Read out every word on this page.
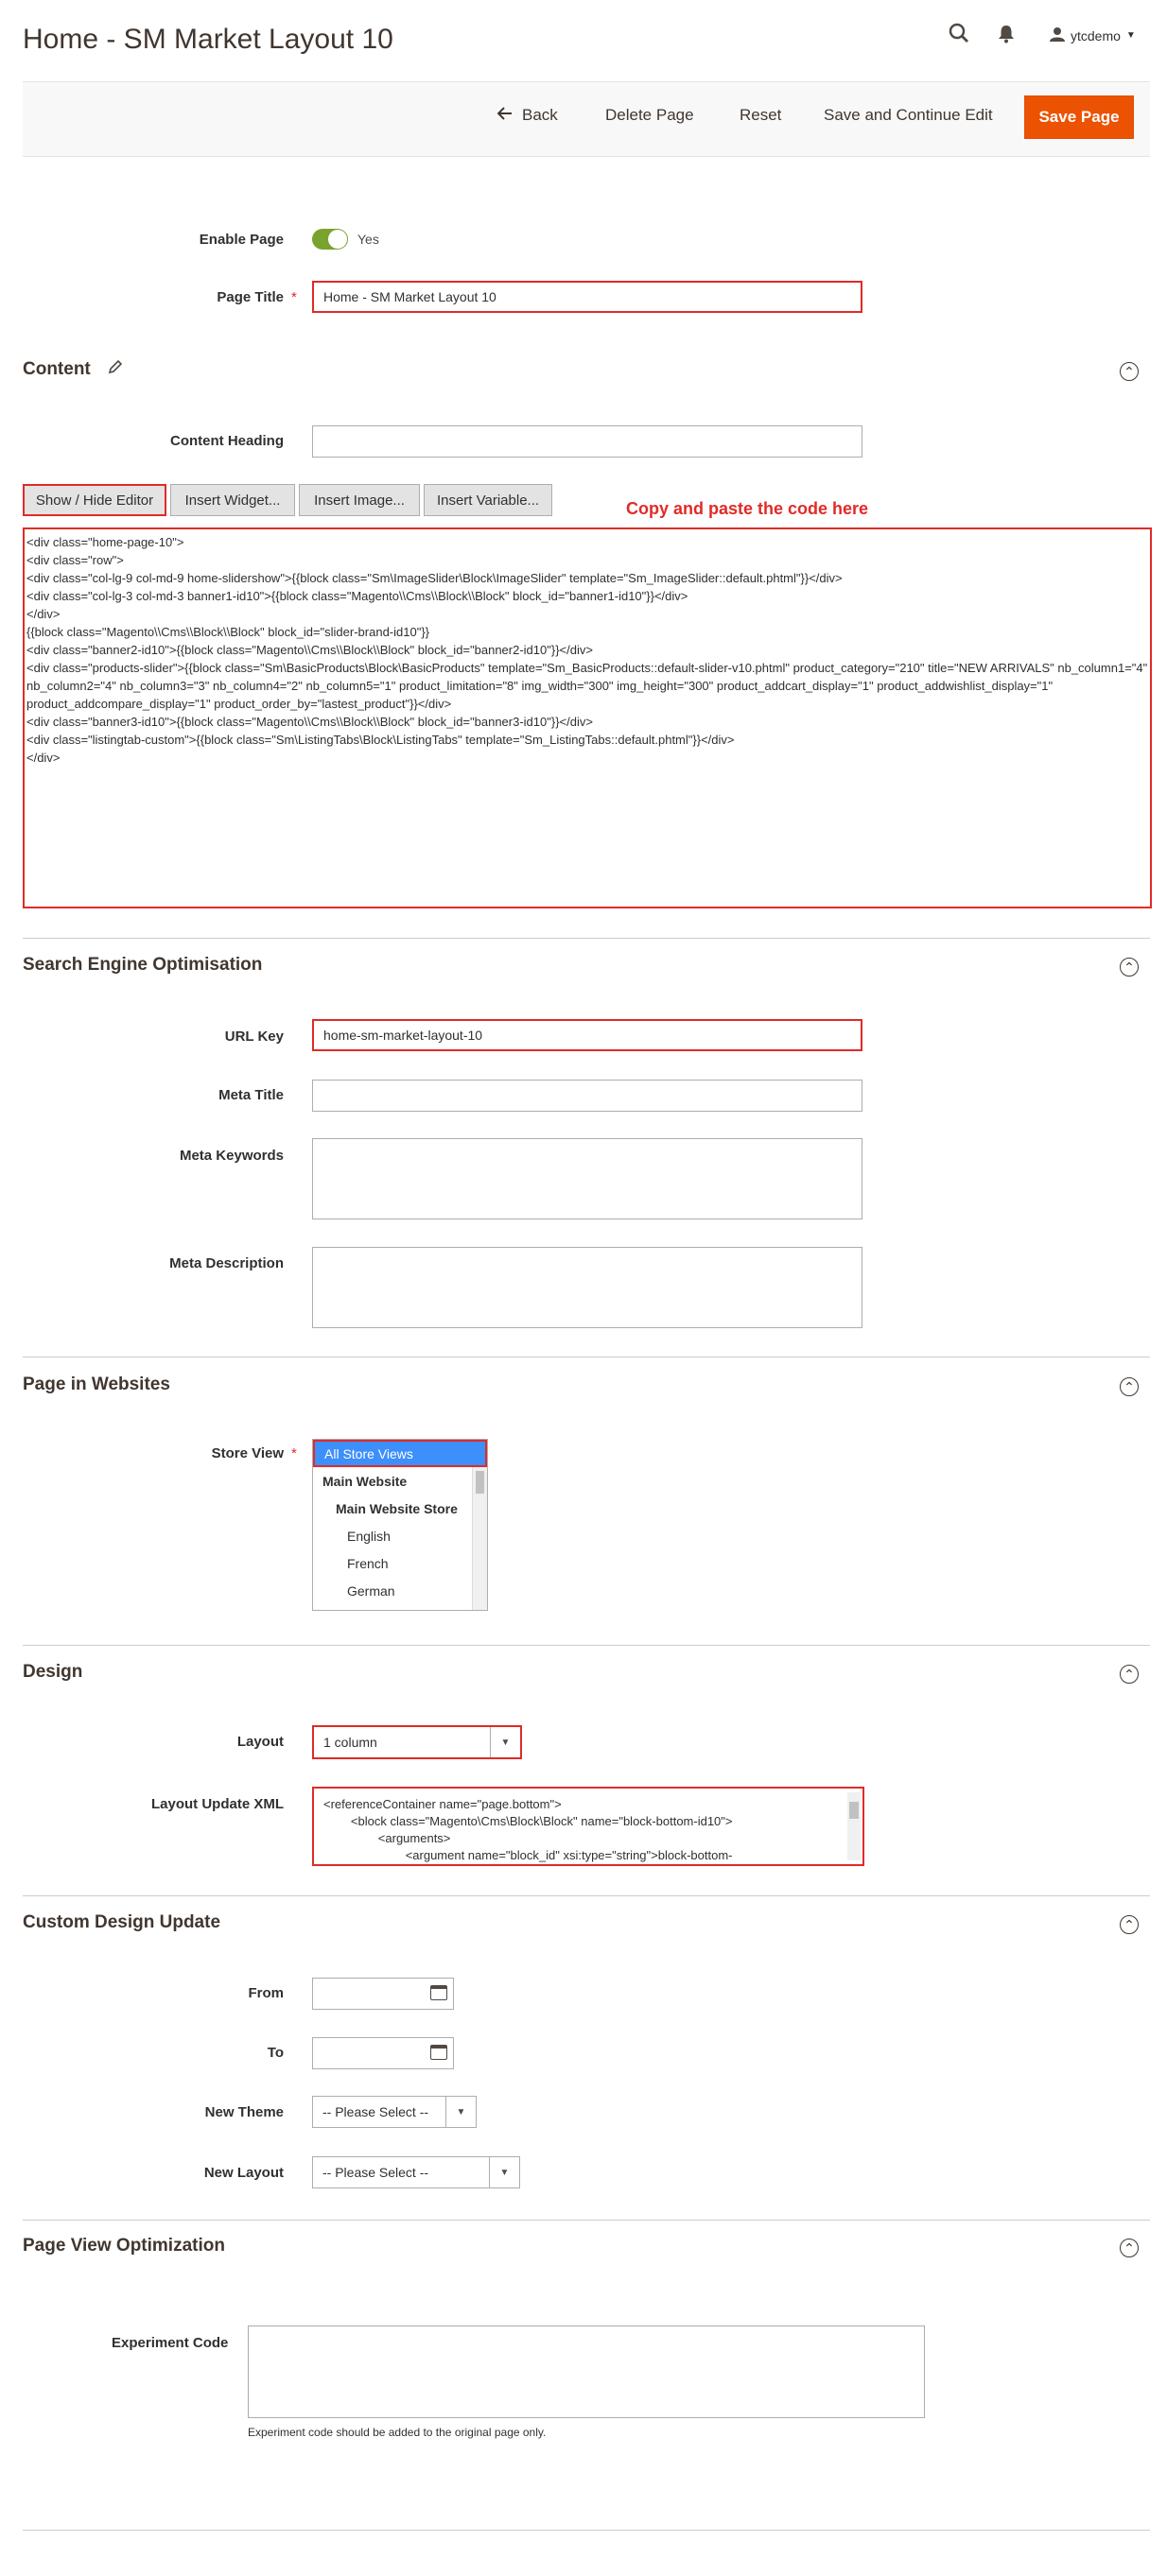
Home - SM Market Layout 10	ytcdemo ▼
Back	Delete Page	Reset	Save and Continue Edit	Save Page
Enable Page	Yes
Page Title *	Home - SM Market Layout 10
Content	⌃
Content Heading
Show / Hide Editor	Insert Widget...	Insert Image...	Insert Variable...	Copy and paste the code here
<div class="home-page-10">
<div class="row">
<div class="col-lg-9 col-md-9 home-slidershow">{{block class="Sm\ImageSlider\Block\ImageSlider" template="Sm_ImageSlider::default.phtml"}}</div>
<div class="col-lg-3 col-md-3 banner1-id10">{{block class="Magento\\Cms\\Block\\Block" block_id="banner1-id10"}}</div>
</div>
{{block class="Magento\\Cms\\Block\\Block" block_id="slider-brand-id10"}}
<div class="banner2-id10">{{block class="Magento\\Cms\\Block\\Block" block_id="banner2-id10"}}</div>
<div class="products-slider">{{block class="Sm\BasicProducts\Block\BasicProducts" template="Sm_BasicProducts::default-slider-v10.phtml" product_category="210" title="NEW ARRIVALS" nb_column1="4" nb_column2="4" nb_column3="3" nb_column4="2" nb_column5="1" product_limitation="8" img_width="300" img_height="300" product_addcart_display="1" product_addwishlist_display="1" product_addcompare_display="1" product_order_by="lastest_product"}}</div>
<div class="banner3-id10">{{block class="Magento\\Cms\\Block\\Block" block_id="banner3-id10"}}</div>
<div class="listingtab-custom">{{block class="Sm\ListingTabs\Block\ListingTabs" template="Sm_ListingTabs::default.phtml"}}</div>
</div>
Search Engine Optimisation	⌃
URL Key	home-sm-market-layout-10
Meta Title
Meta Keywords
Meta Description
Page in Websites	⌃
Store View *	All Store Views
Main Website
Main Website Store
English
French
German
Design	⌃
Layout	1 column	▼
Layout Update XML	<referenceContainer name="page.bottom">
<block class="Magento\Cms\Block\Block" name="block-bottom-id10">
<arguments>
<argument name="block_id" xsi:type="string">block-bottom-
Custom Design Update	⌃
From
To
New Theme	-- Please Select --	▼
New Layout	-- Please Select --	▼
Page View Optimization	⌃
Experiment Code
Experiment code should be added to the original page only.
